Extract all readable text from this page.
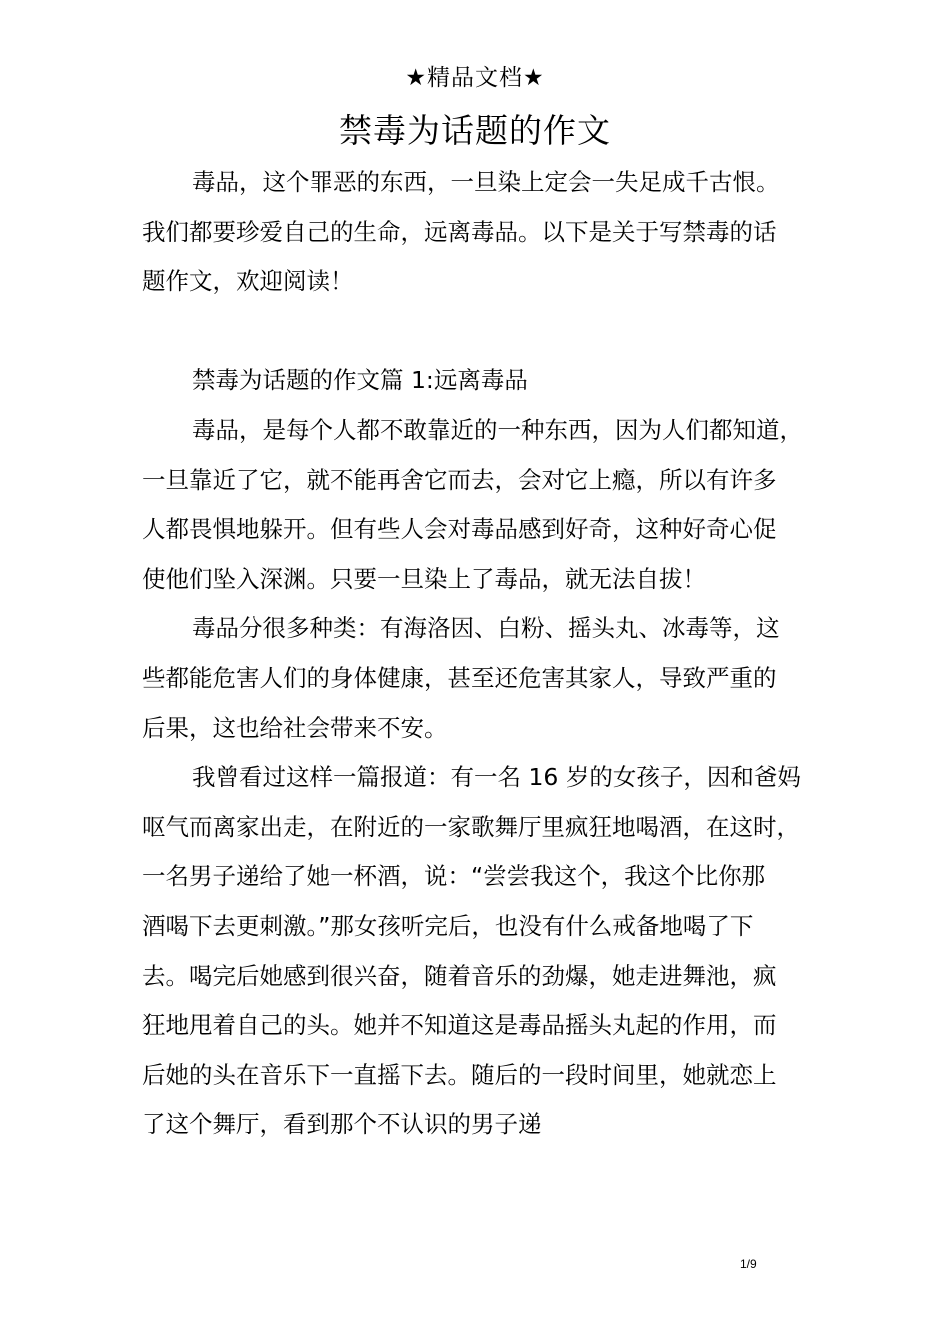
★精品文档★
禁毒为话题的作文
毒品，这个罪恶的东西，一旦染上定会一失足成千古恨。
我们都要珍爱自己的生命，远离毒品。以下是关于写禁毒的话
题作文，欢迎阅读！
禁毒为话题的作文篇 1:远离毒品
毒品，是每个人都不敢靠近的一种东西，因为人们都知道，
一旦靠近了它，就不能再舍它而去，会对它上瘾，所以有许多
人都畏惧地躲开。但有些人会对毒品感到好奇，这种好奇心促
使他们坠入深渊。只要一旦染上了毒品，就无法自拔！
毒品分很多种类：有海洛因、白粉、摇头丸、冰毒等，这
些都能危害人们的身体健康，甚至还危害其家人，导致严重的
后果，这也给社会带来不安。
我曾看过这样一篇报道：有一名 16 岁的女孩子，因和爸妈
呕气而离家出走，在附近的一家歌舞厅里疯狂地喝酒，在这时，
一名男子递给了她一杯酒，说：“尝尝我这个，我这个比你那
酒喝下去更刺激。”那女孩听完后，也没有什么戒备地喝了下
去。喝完后她感到很兴奋，随着音乐的劲爆，她走进舞池，疯
狂地甩着自己的头。她并不知道这是毒品摇头丸起的作用，而
后她的头在音乐下一直摇下去。随后的一段时间里，她就恋上
了这个舞厅，看到那个不认识的男子递
1/9
